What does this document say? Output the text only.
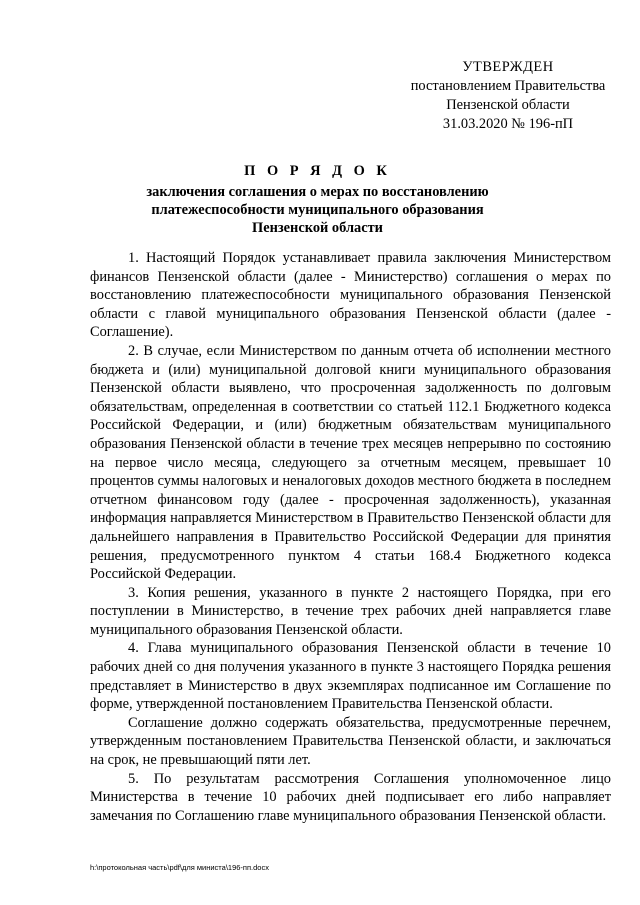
УТВЕРЖДЕН
постановлением Правительства
Пензенской области
31.03.2020 № 196-пП
П О Р Я Д О К
заключения соглашения о мерах по восстановлению
платежеспособности муниципального образования
Пензенской области

1. Настоящий Порядок устанавливает правила заключения Министерством финансов Пензенской области (далее - Министерство) соглашения о мерах по восстановлению платежеспособности муниципального образования Пензенской области с главой муниципального образования Пензенской области (далее - Соглашение).

2. В случае, если Министерством по данным отчета об исполнении местного бюджета и (или) муниципальной долговой книги муниципального образования Пензенской области выявлено, что просроченная задолженность по долговым обязательствам, определенная в соответствии со статьей 112.1 Бюджетного кодекса Российской Федерации, и (или) бюджетным обязательствам муниципального образования Пензенской области в течение трех месяцев непрерывно по состоянию на первое число месяца, следующего за отчетным месяцем, превышает 10 процентов суммы налоговых и неналоговых доходов местного бюджета в последнем отчетном финансовом году (далее - просроченная задолженность), указанная информация направляется Министерством в Правительство Пензенской области для дальнейшего направления в Правительство Российской Федерации для принятия решения, предусмотренного пунктом 4 статьи 168.4 Бюджетного кодекса Российской Федерации.

3. Копия решения, указанного в пункте 2 настоящего Порядка, при его поступлении в Министерство, в течение трех рабочих дней направляется главе муниципального образования Пензенской области.

4. Глава муниципального образования Пензенской области в течение 10 рабочих дней со дня получения указанного в пункте 3 настоящего Порядка решения представляет в Министерство в двух экземплярах подписанное им Соглашение по форме, утвержденной постановлением Правительства Пензенской области.

Соглашение должно содержать обязательства, предусмотренные перечнем, утвержденным постановлением Правительства Пензенской области, и заключаться на срок, не превышающий пяти лет.

5. По результатам рассмотрения Соглашения уполномоченное лицо Министерства в течение 10 рабочих дней подписывает его либо направляет замечания по Соглашению главе муниципального образования Пензенской области.

h:\протокольная часть\pdf\для министа\196-пп.docx
